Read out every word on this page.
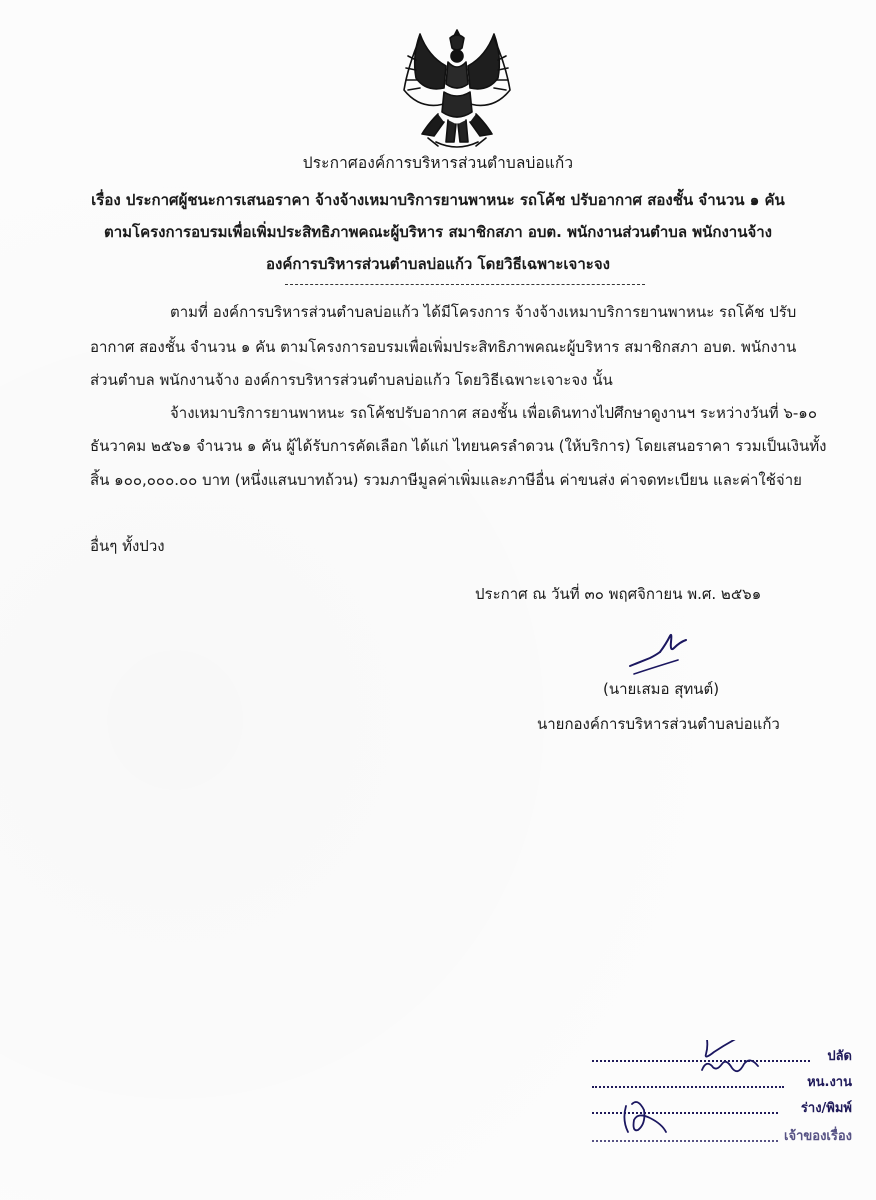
ประกาศองค์การบริหารส่วนตำบลบ่อแก้ว
เรื่อง ประกาศผู้ชนะการเสนอราคา จ้างจ้างเหมาบริการยานพาหนะ รถโค้ช ปรับอากาศ สองชั้น จำนวน ๑ คัน
ตามโครงการอบรมเพื่อเพิ่มประสิทธิภาพคณะผู้บริหาร สมาชิกสภา อบต. พนักงานส่วนตำบล พนักงานจ้าง
องค์การบริหารส่วนตำบลบ่อแก้ว โดยวิธีเฉพาะเจาะจง
ตามที่ องค์การบริหารส่วนตำบลบ่อแก้ว ได้มีโครงการ จ้างจ้างเหมาบริการยานพาหนะ รถโค้ช ปรับ
อากาศ สองชั้น จำนวน ๑ คัน ตามโครงการอบรมเพื่อเพิ่มประสิทธิภาพคณะผู้บริหาร สมาชิกสภา อบต. พนักงาน
ส่วนตำบล พนักงานจ้าง องค์การบริหารส่วนตำบลบ่อแก้ว โดยวิธีเฉพาะเจาะจง นั้น
จ้างเหมาบริการยานพาหนะ รถโค้ชปรับอากาศ สองชั้น เพื่อเดินทางไปศึกษาดูงานฯ ระหว่างวันที่ ๖-๑๐
ธันวาคม ๒๕๖๑ จำนวน ๑ คัน ผู้ได้รับการคัดเลือก ได้แก่ ไทยนครลำดวน (ให้บริการ) โดยเสนอราคา รวมเป็นเงินทั้ง
สิ้น ๑๐๐,๐๐๐.๐๐ บาท (หนึ่งแสนบาทถ้วน) รวมภาษีมูลค่าเพิ่มและภาษีอื่น ค่าขนส่ง ค่าจดทะเบียน และค่าใช้จ่าย
อื่นๆ ทั้งปวง
ประกาศ ณ วันที่ ๓๐ พฤศจิกายน พ.ศ. ๒๕๖๑
(นายเสมอ สุทนต์)
นายกองค์การบริหารส่วนตำบลบ่อแก้ว
ปลัด
หน.งาน
ร่าง/พิมพ์
เจ้าของเรื่อง
